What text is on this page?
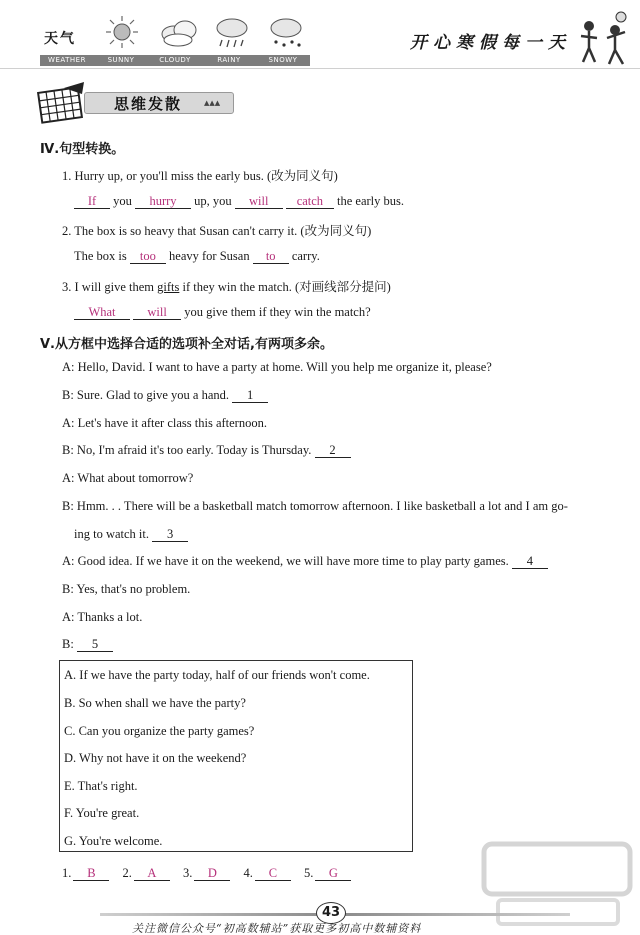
天气
WEATHER	SUNNY	CLOUDY	RAINY	SNOWY
开心寒假每一天
思维发散	▲▲▲
Ⅳ.句型转换。
1. Hurry up, or you'll miss the early bus. (改为同义句)
If you hurry up, you will catch the early bus.
2. The box is so heavy that Susan can't carry it. (改为同义句)
The box is too heavy for Susan to carry.
3. I will give them gifts if they win the match. (对画线部分提问)
What	will you give them if they win the match?
Ⅴ.从方框中选择合适的选项补全对话,有两项多余。
A: Hello, David. I want to have a party at home. Will you help me organize it, please?
B: Sure. Glad to give you a hand. 1
A: Let's have it after class this afternoon.
B: No, I'm afraid it's too early. Today is Thursday. 2
A: What about tomorrow?
B: Hmm. . . There will be a basketball match tomorrow afternoon. I like basketball a lot and I am go-
ing to watch it. 3
A: Good idea. If we have it on the weekend, we will have more time to play party games. 4
B: Yes, that's no problem.
A: Thanks a lot.
B: 5
A. If we have the party today, half of our friends won't come.
B. So when shall we have the party?
C. Can you organize the party games?
D. Why not have it on the weekend?
E. That's right.
F. You're great.
G. You're welcome.
1. B 2. A 3. D 4. C 5. G
43
关注微信公众号“初高数辅站”获取更多初高中数辅资料
